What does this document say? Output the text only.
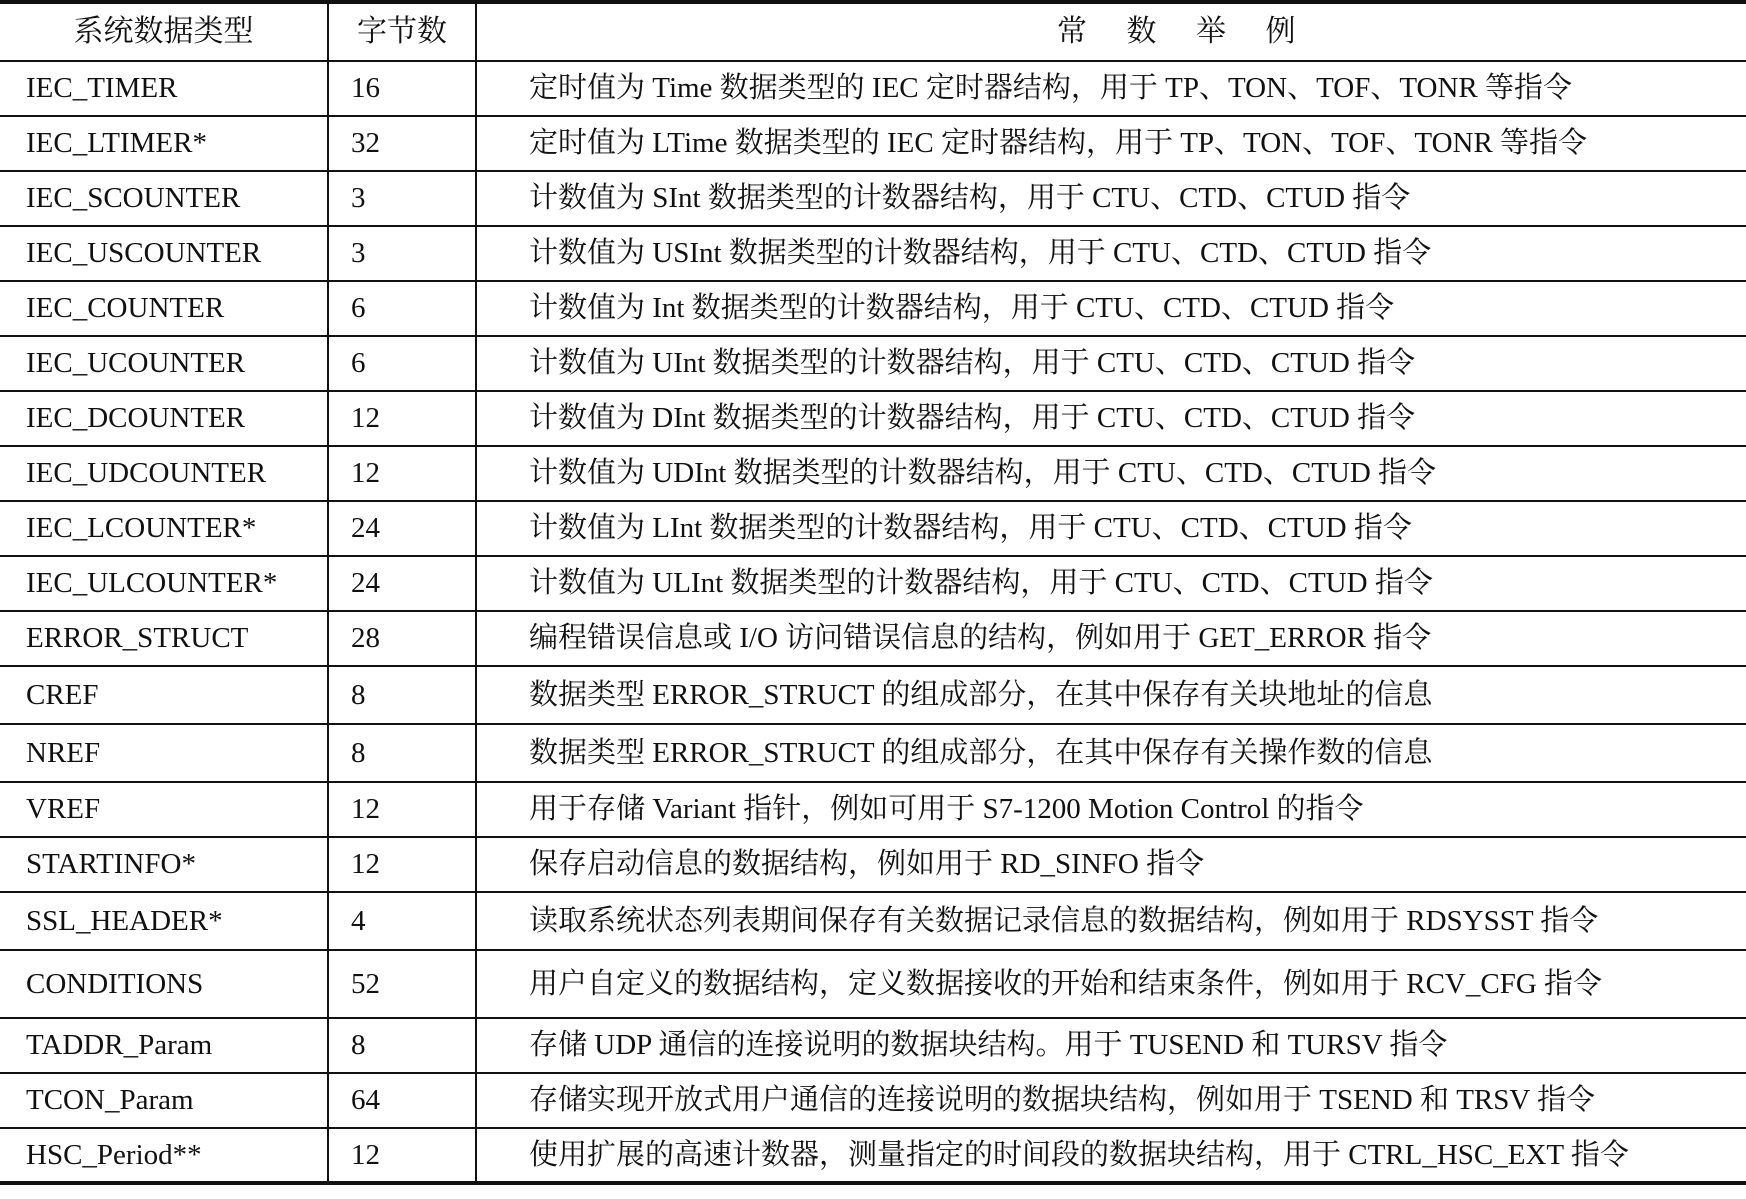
系统数据类型	字节数	常 数 举 例
IEC_TIMER	16	定时值为 Time 数据类型的 IEC 定时器结构，用于 TP、TON、TOF、TONR 等指令
IEC_LTIMER*	32	定时值为 LTime 数据类型的 IEC 定时器结构，用于 TP、TON、TOF、TONR 等指令
IEC_SCOUNTER	3	计数值为 SInt 数据类型的计数器结构，用于 CTU、CTD、CTUD 指令
IEC_USCOUNTER	3	计数值为 USInt 数据类型的计数器结构，用于 CTU、CTD、CTUD 指令
IEC_COUNTER	6	计数值为 Int 数据类型的计数器结构，用于 CTU、CTD、CTUD 指令
IEC_UCOUNTER	6	计数值为 UInt 数据类型的计数器结构，用于 CTU、CTD、CTUD 指令
IEC_DCOUNTER	12	计数值为 DInt 数据类型的计数器结构，用于 CTU、CTD、CTUD 指令
IEC_UDCOUNTER	12	计数值为 UDInt 数据类型的计数器结构，用于 CTU、CTD、CTUD 指令
IEC_LCOUNTER*	24	计数值为 LInt 数据类型的计数器结构，用于 CTU、CTD、CTUD 指令
IEC_ULCOUNTER*	24	计数值为 ULInt 数据类型的计数器结构，用于 CTU、CTD、CTUD 指令
ERROR_STRUCT	28	编程错误信息或 I/O 访问错误信息的结构，例如用于 GET_ERROR 指令
CREF	8	数据类型 ERROR_STRUCT 的组成部分，在其中保存有关块地址的信息
NREF	8	数据类型 ERROR_STRUCT 的组成部分，在其中保存有关操作数的信息
VREF	12	用于存储 Variant 指针，例如可用于 S7-1200 Motion Control 的指令
STARTINFO*	12	保存启动信息的数据结构，例如用于 RD_SINFO 指令
SSL_HEADER*	4	读取系统状态列表期间保存有关数据记录信息的数据结构，例如用于 RDSYSST 指令
CONDITIONS	52	用户自定义的数据结构，定义数据接收的开始和结束条件，例如用于 RCV_CFG 指令
TADDR_Param	8	存储 UDP 通信的连接说明的数据块结构。用于 TUSEND 和 TURSV 指令
TCON_Param	64	存储实现开放式用户通信的连接说明的数据块结构，例如用于 TSEND 和 TRSV 指令
HSC_Period**	12	使用扩展的高速计数器，测量指定的时间段的数据块结构，用于 CTRL_HSC_EXT 指令
